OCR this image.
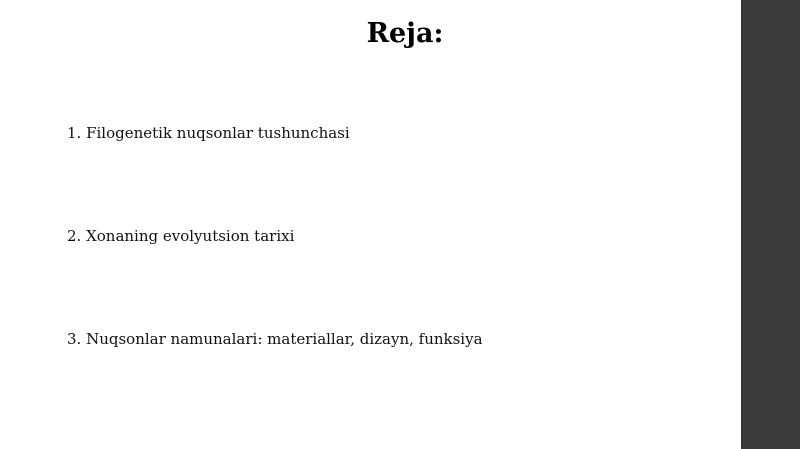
Reja:
1. Filogenetik nuqsonlar tushunchasi
2. Xonaning evolyutsion tarixi
3. Nuqsonlar namunalari: materiallar, dizayn, funksiya
